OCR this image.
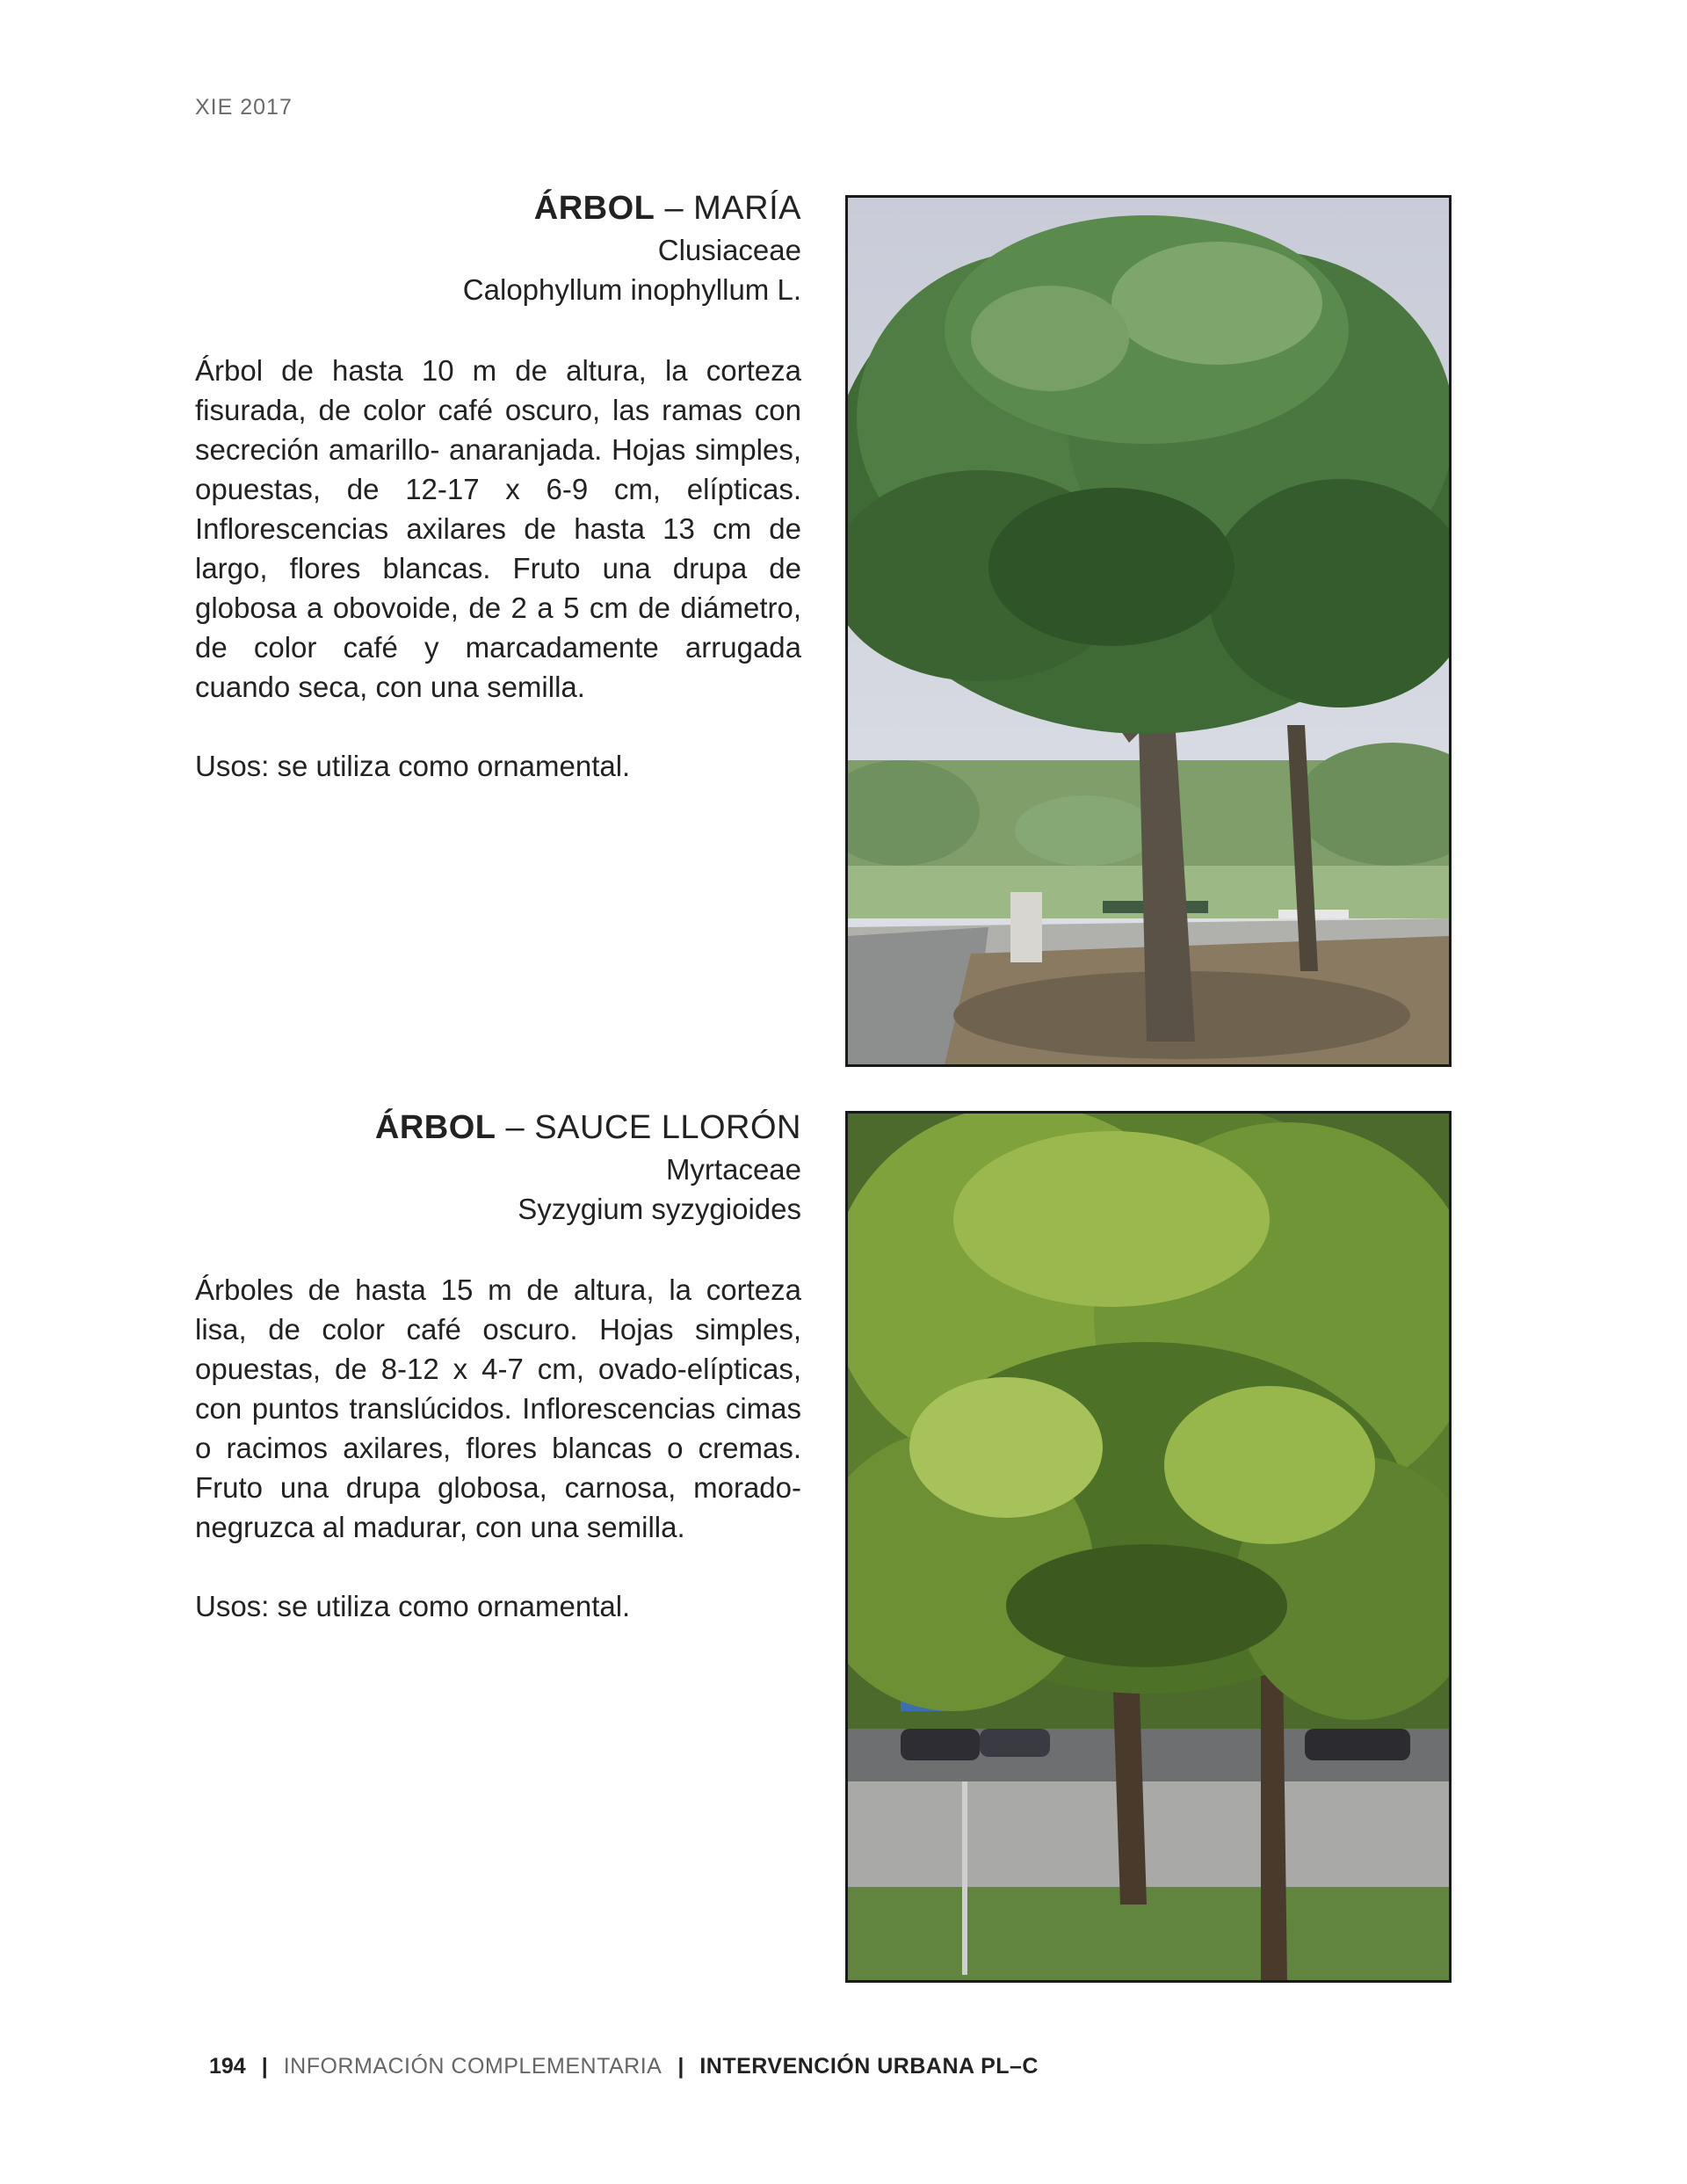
XIE 2017
ÁRBOL – MARÍA
Clusiaceae
Calophyllum inophyllum L.
Árbol de hasta 10 m de altura, la corteza fisurada, de color café oscuro, las ramas con secreción amarillo- anaranjada. Hojas simples, opuestas, de 12-17 x 6-9 cm, elípticas. Inflorescencias axilares de hasta 13 cm de largo, flores blancas. Fruto una drupa de globosa a obovoide, de 2 a 5 cm de diámetro, de color café y marcadamente arrugada cuando seca, con una semilla.
Usos: se utiliza como ornamental.
ÁRBOL – SAUCE LLORÓN
Myrtaceae
Syzygium syzygioides
Árboles de hasta 15 m de altura, la corteza lisa, de color café oscuro. Hojas simples, opuestas, de 8-12 x 4-7 cm, ovado-elípticas, con puntos translúcidos. Inflorescencias cimas o racimos axilares, flores blancas o cremas. Fruto una drupa globosa, carnosa, morado-negruzca al madurar, con una semilla.
Usos: se utiliza como ornamental.
194 | INFORMACIÓN COMPLEMENTARIA | INTERVENCIÓN URBANA PL–C
